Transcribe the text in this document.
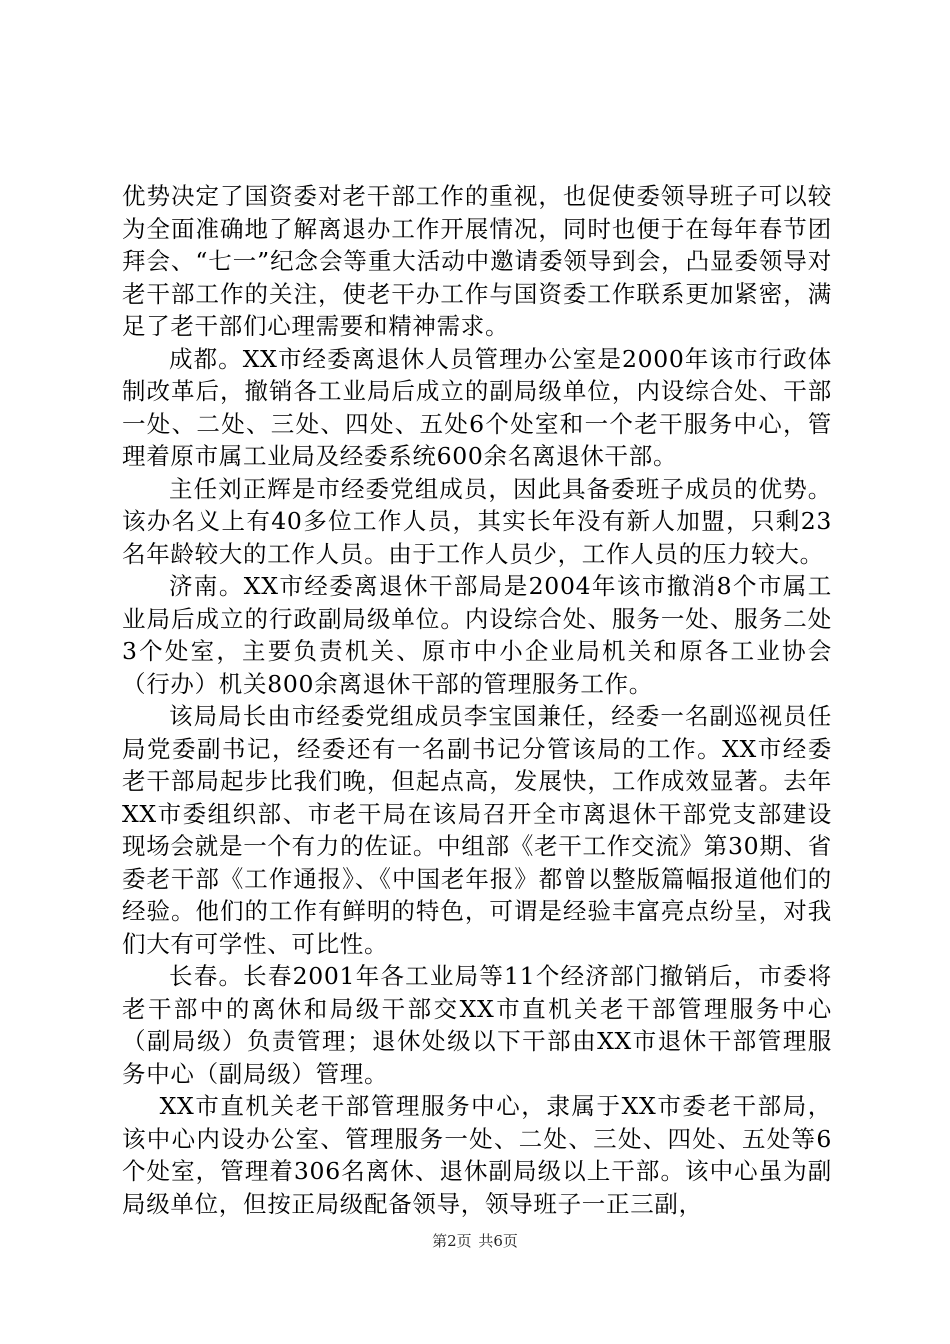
优势决定了国资委对老干部工作的重视，也促使委领导班子可以较为全面准确地了解离退办工作开展情况，同时也便于在每年春节团拜会、“七一”纪念会等重大活动中邀请委领导到会，凸显委领导对老干部工作的关注，使老干办工作与国资委工作联系更加紧密，满足了老干部们心理需要和精神需求。

成都。XX市经委离退休人员管理办公室是2000年该市行政体制改革后，撤销各工业局后成立的副局级单位，内设综合处、干部一处、二处、三处、四处、五处6个处室和一个老干服务中心，管理着原市属工业局及经委系统600余名离退休干部。

主任刘正辉是市经委党组成员，因此具备委班子成员的优势。该办名义上有40多位工作人员，其实长年没有新人加盟，只剩23名年龄较大的工作人员。由于工作人员少，工作人员的压力较大。

济南。XX市经委离退休干部局是2004年该市撤消8个市属工业局后成立的行政副局级单位。内设综合处、服务一处、服务二处3个处室，主要负责机关、原市中小企业局机关和原各工业协会（行办）机关800余离退休干部的管理服务工作。

该局局长由市经委党组成员李宝国兼任，经委一名副巡视员任局党委副书记，经委还有一名副书记分管该局的工作。XX市经委老干部局起步比我们晚，但起点高，发展快，工作成效显著。去年XX市委组织部、市老干局在该局召开全市离退休干部党支部建设现场会就是一个有力的佐证。中组部《老干工作交流》第30期、省委老干部《工作通报》、《中国老年报》都曾以整版篇幅报道他们的经验。他们的工作有鲜明的特色，可谓是经验丰富亮点纷呈，对我们大有可学性、可比性。

长春。长春2001年各工业局等11个经济部门撤销后，市委将老干部中的离休和局级干部交XX市直机关老干部管理服务中心（副局级）负责管理；退休处级以下干部由XX市退休干部管理服务中心（副局级）管理。

XX市直机关老干部管理服务中心，隶属于XX市委老干部局，该中心内设办公室、管理服务一处、二处、三处、四处、五处等6个处室，管理着306名离休、退休副局级以上干部。该中心虽为副局级单位，但按正局级配备领导，领导班子一正三副，

第2页 共6页
